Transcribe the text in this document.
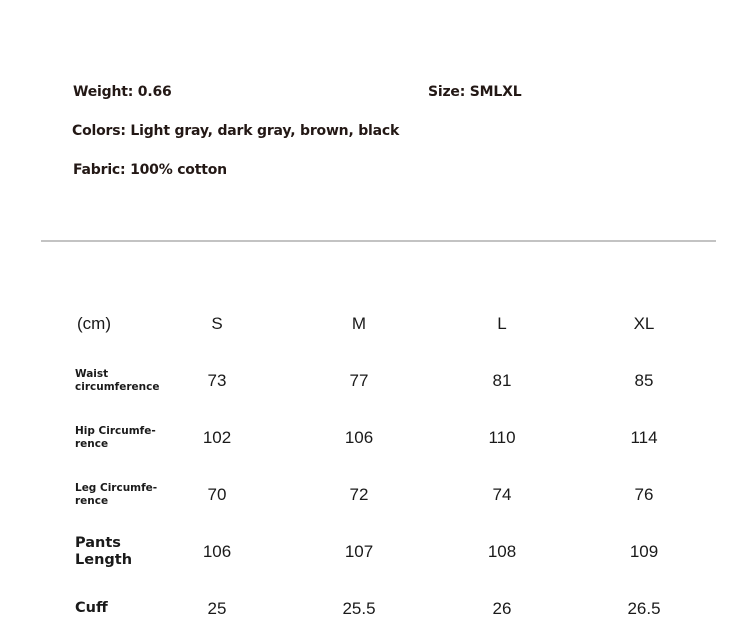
Weight: 0.66	Size: SMLXL
Colors: Light gray, dark gray, brown, black
Fabric: 100% cotton
(cm)	S	M	L	XL
Waist
circumference	73	77	81	85
Hip Circumfe-
rence	102	106	110	114
Leg Circumfe-
rence	70	72	74	76
Pants
Length	106	107	108	109
Cuff	25	25.5	26	26.5
